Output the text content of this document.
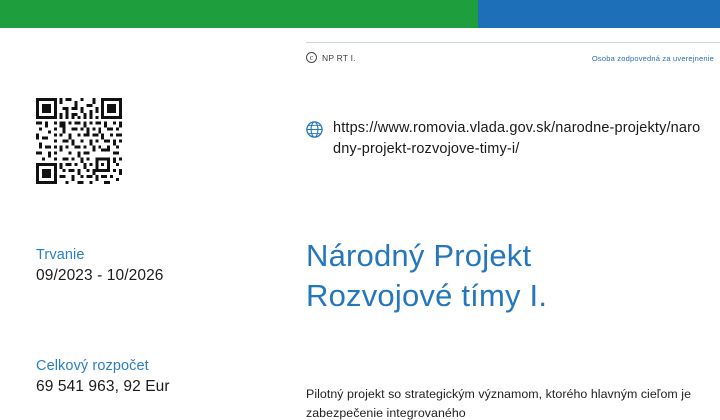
c	NP RT I.	Osoba zodpovedná za uverejnenie
https://www.romovia.vlada.gov.sk/narodne-projekty/narodny-projekt-rozvojove-timy-i/
Národný Projekt
Rozvojové tímy I.
Pilotný projekt so strategickým významom, ktorého hlavným cieľom je zabezpečenie integrovaného
Trvanie
09/2023 - 10/2026
Celkový rozpočet
69 541 963, 92 Eur
